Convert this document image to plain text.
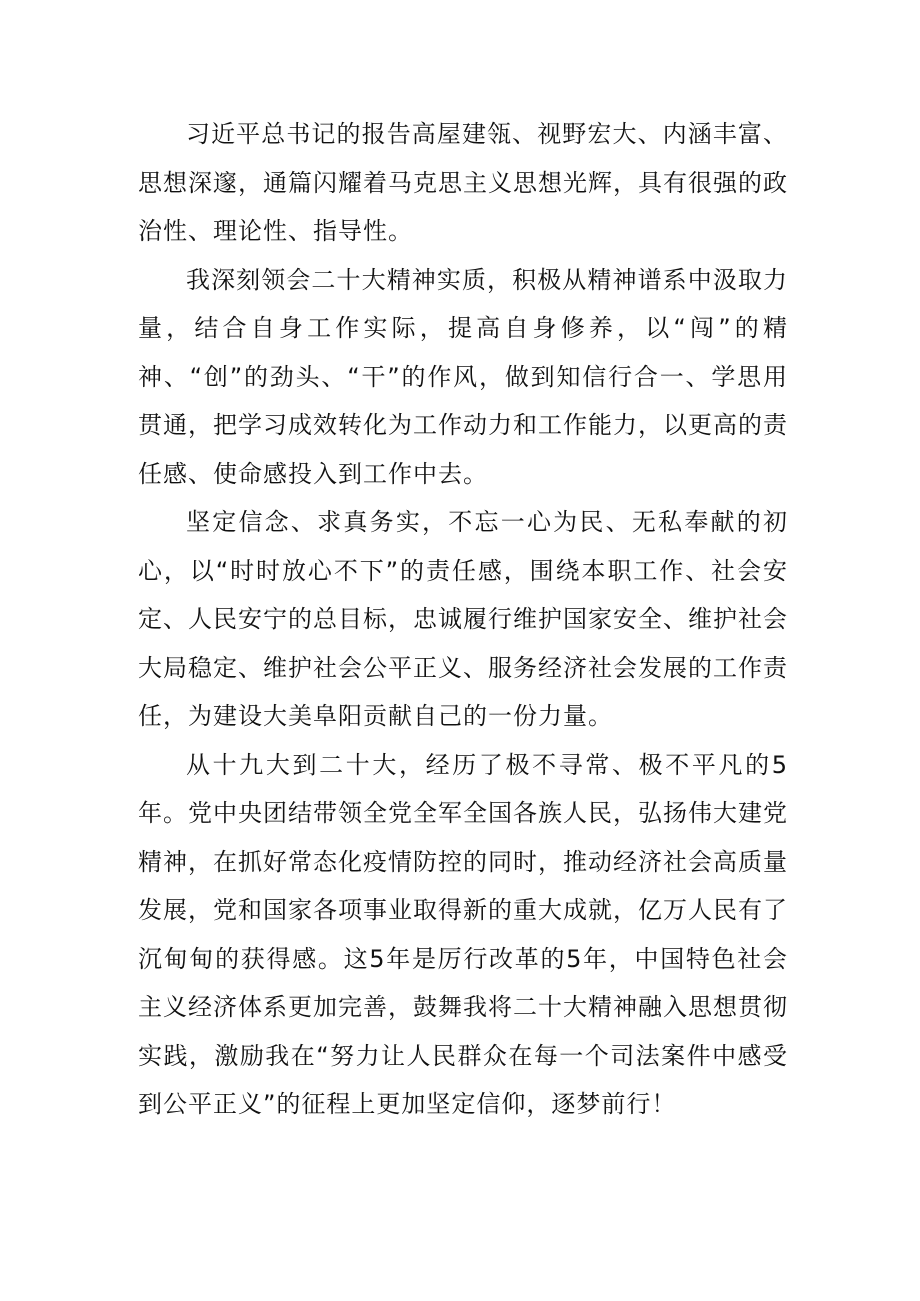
习近平总书记的报告高屋建瓴、视野宏大、内涵丰富、思想深邃，通篇闪耀着马克思主义思想光辉，具有很强的政治性、理论性、指导性。

我深刻领会二十大精神实质，积极从精神谱系中汲取力量，结合自身工作实际，提高自身修养，以“闯”的精神、“创”的劲头、“干”的作风，做到知信行合一、学思用贯通，把学习成效转化为工作动力和工作能力，以更高的责任感、使命感投入到工作中去。

坚定信念、求真务实，不忘一心为民、无私奉献的初心，以“时时放心不下”的责任感，围绕本职工作、社会安定、人民安宁的总目标，忠诚履行维护国家安全、维护社会大局稳定、维护社会公平正义、服务经济社会发展的工作责任，为建设大美阜阳贡献自己的一份力量。

从十九大到二十大，经历了极不寻常、极不平凡的5年。党中央团结带领全党全军全国各族人民，弘扬伟大建党精神，在抓好常态化疫情防控的同时，推动经济社会高质量发展，党和国家各项事业取得新的重大成就，亿万人民有了沉甸甸的获得感。这5年是厉行改革的5年，中国特色社会主义经济体系更加完善，鼓舞我将二十大精神融入思想贯彻实践，激励我在“努力让人民群众在每一个司法案件中感受到公平正义”的征程上更加坚定信仰，逐梦前行！
